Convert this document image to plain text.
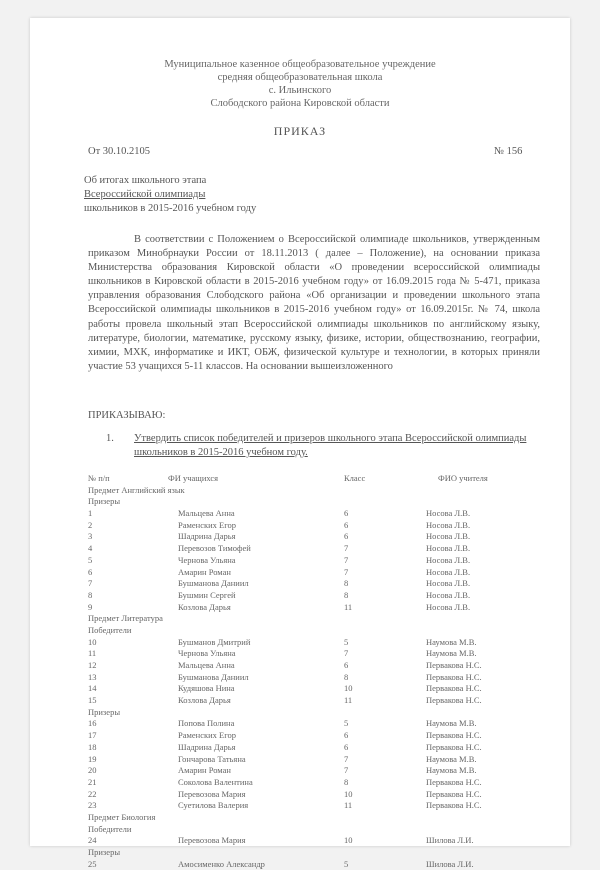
Муниципальное казенное общеобразовательное учреждение
средняя общеобразовательная школа
с. Ильинского
Слободского района Кировской области
ПРИКАЗ
От 30.10.2105	№ 156
Об итогах школьного этапа
Всероссийской олимпиады
школьников в 2015-2016 учебном году
В соответствии с Положением о Всероссийской олимпиаде школьников, утвержденным приказом Минобрнауки России от 18.11.2013 ( далее – Положение), на основании приказа Министерства образования Кировской области «О проведении всероссийской олимпиады школьников в Кировской области в 2015-2016 учебном году» от 16.09.2015 года № 5-471, приказа управления образования Слободского района «Об организации и проведении школьного этапа Всероссийской олимпиады школьников в 2015-2016 учебном году» от 16.09.2015г. № 74, школа работы провела школьный этап Всероссийской олимпиады школьников по английскому языку, литературе, биологии, математике, русскому языку, физике, истории, обществознанию, географии, химии, МХК, информатике и ИКТ, ОБЖ, физической культуре и технологии, в которых приняли участие 53 учащихся 5-11 классов. На основании вышеизложенного
ПРИКАЗЫВАЮ:
1.	Утвердить список победителей и призеров школьного этапа Всероссийской олимпиады школьников в 2015-2016 учебном году.
№ п/п	ФИ учащихся	Класс	ФИО учителя
Предмет Английский язык
Призеры
1	Мальцева Анна	6	Носова Л.В.
2	Раменских Егор	6	Носова Л.В.
3	Шадрина Дарья	6	Носова Л.В.
4	Перевозов Тимофей	7	Носова Л.В.
5	Чернова Ульяна	7	Носова Л.В.
6	Амарин Роман	7	Носова Л.В.
7	Бушманова Даниил	8	Носова Л.В.
8	Бушмин Сергей	8	Носова Л.В.
9	Козлова Дарья	11	Носова Л.В.
Предмет Литература
Победители
10	Бушманов Дмитрий	5	Наумова М.В.
11	Чернова Ульяна	7	Наумова М.В.
12	Мальцева Анна	6	Первакова Н.С.
13	Бушманова Даниил	8	Первакова Н.С.
14	Кудяшова Нина	10	Первакова Н.С.
15	Козлова Дарья	11	Первакова Н.С.
Призеры
16	Попова Полина	5	Наумова М.В.
17	Раменских Егор	6	Первакова Н.С.
18	Шадрина Дарья	6	Первакова Н.С.
19	Гончарова Татьяна	7	Наумова М.В.
20	Амарин Роман	7	Наумова М.В.
21	Соколова Валентина	8	Первакова Н.С.
22	Перевозова Мария	10	Первакова Н.С.
23	Суетилова Валерия	11	Первакова Н.С.
Предмет Биология
Победители
24	Перевозова Мария	10	Шилова Л.И.
Призеры
25	Амосименко Александр	5	Шилова Л.И.
